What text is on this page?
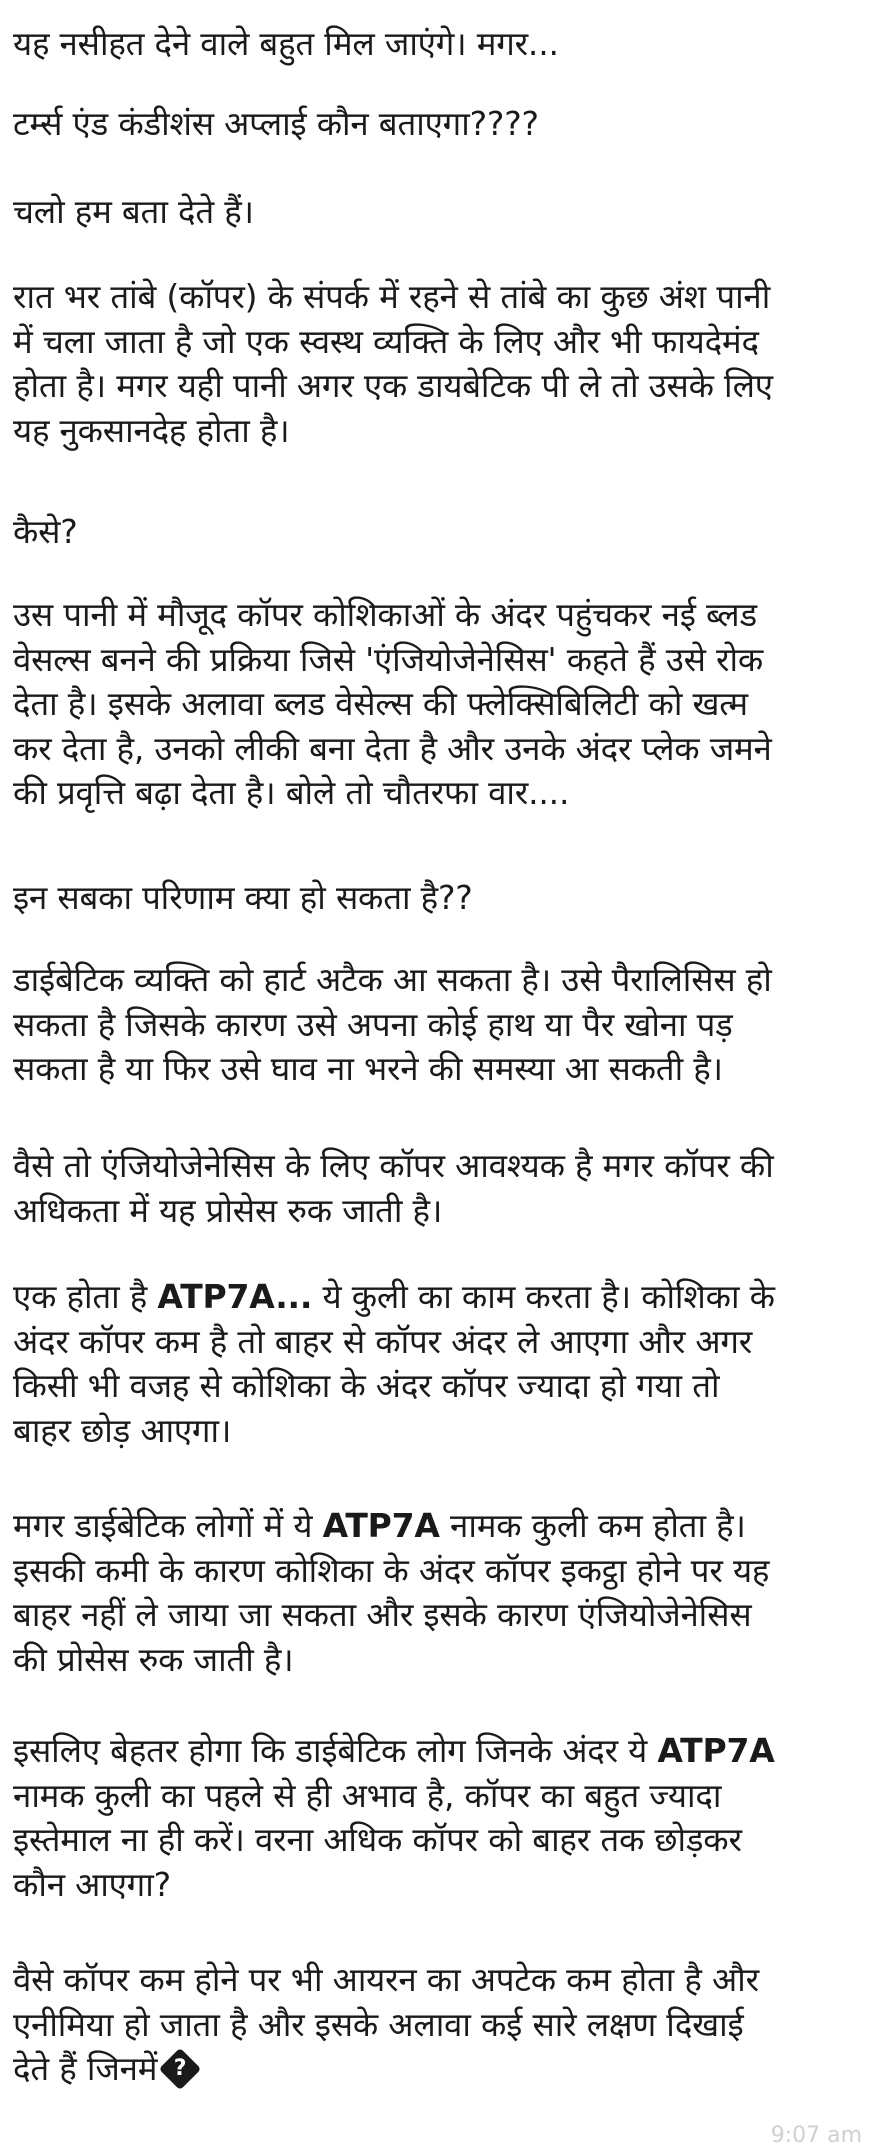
यह नसीहत देने वाले बहुत मिल जाएंगे। मगर...

टर्म्स एंड कंडीशंस अप्लाई कौन बताएगा????

चलो हम बता देते हैं।

रात भर तांबे (कॉपर) के संपर्क में रहने से तांबे का कुछ अंश पानी
में चला जाता है जो एक स्वस्थ व्यक्ति के लिए और भी फायदेमंद
होता है। मगर यही पानी अगर एक डायबेटिक पी ले तो उसके लिए
यह नुकसानदेह होता है।

कैसे?

उस पानी में मौजूद कॉपर कोशिकाओं के अंदर पहुंचकर नई ब्लड
वेसल्स बनने की प्रक्रिया जिसे 'एंजियोजेनेसिस' कहते हैं उसे रोक
देता है। इसके अलावा ब्लड वेसेल्स की फ्लेक्सिबिलिटी को खत्म
कर देता है, उनको लीकी बना देता है और उनके अंदर प्लेक जमने
की प्रवृत्ति बढ़ा देता है। बोले तो चौतरफा वार....

इन सबका परिणाम क्या हो सकता है??

डाईबेटिक व्यक्ति को हार्ट अटैक आ सकता है। उसे पैरालिसिस हो
सकता है जिसके कारण उसे अपना कोई हाथ या पैर खोना पड़
सकता है या फिर उसे घाव ना भरने की समस्या आ सकती है।

वैसे तो एंजियोजेनेसिस के लिए कॉपर आवश्यक है मगर कॉपर की
अधिकता में यह प्रोसेस रुक जाती है।

एक होता है ATP7A... ये कुली का काम करता है। कोशिका के
अंदर कॉपर कम है तो बाहर से कॉपर अंदर ले आएगा और अगर
किसी भी वजह से कोशिका के अंदर कॉपर ज्यादा हो गया तो
बाहर छोड़ आएगा।

मगर डाईबेटिक लोगों में ये ATP7A नामक कुली कम होता है।
इसकी कमी के कारण कोशिका के अंदर कॉपर इकट्ठा होने पर यह
बाहर नहीं ले जाया जा सकता और इसके कारण एंजियोजेनेसिस
की प्रोसेस रुक जाती है।

इसलिए बेहतर होगा कि डाईबेटिक लोग जिनके अंदर ये ATP7A
नामक कुली का पहले से ही अभाव है, कॉपर का बहुत ज्यादा
इस्तेमाल ना ही करें। वरना अधिक कॉपर को बाहर तक छोड़कर
कौन आएगा?

वैसे कॉपर कम होने पर भी आयरन का अपटेक कम होता है और
एनीमिया हो जाता है और इसके अलावा कई सारे लक्षण दिखाई
देते हैं जिनमें ?

9:07 am
